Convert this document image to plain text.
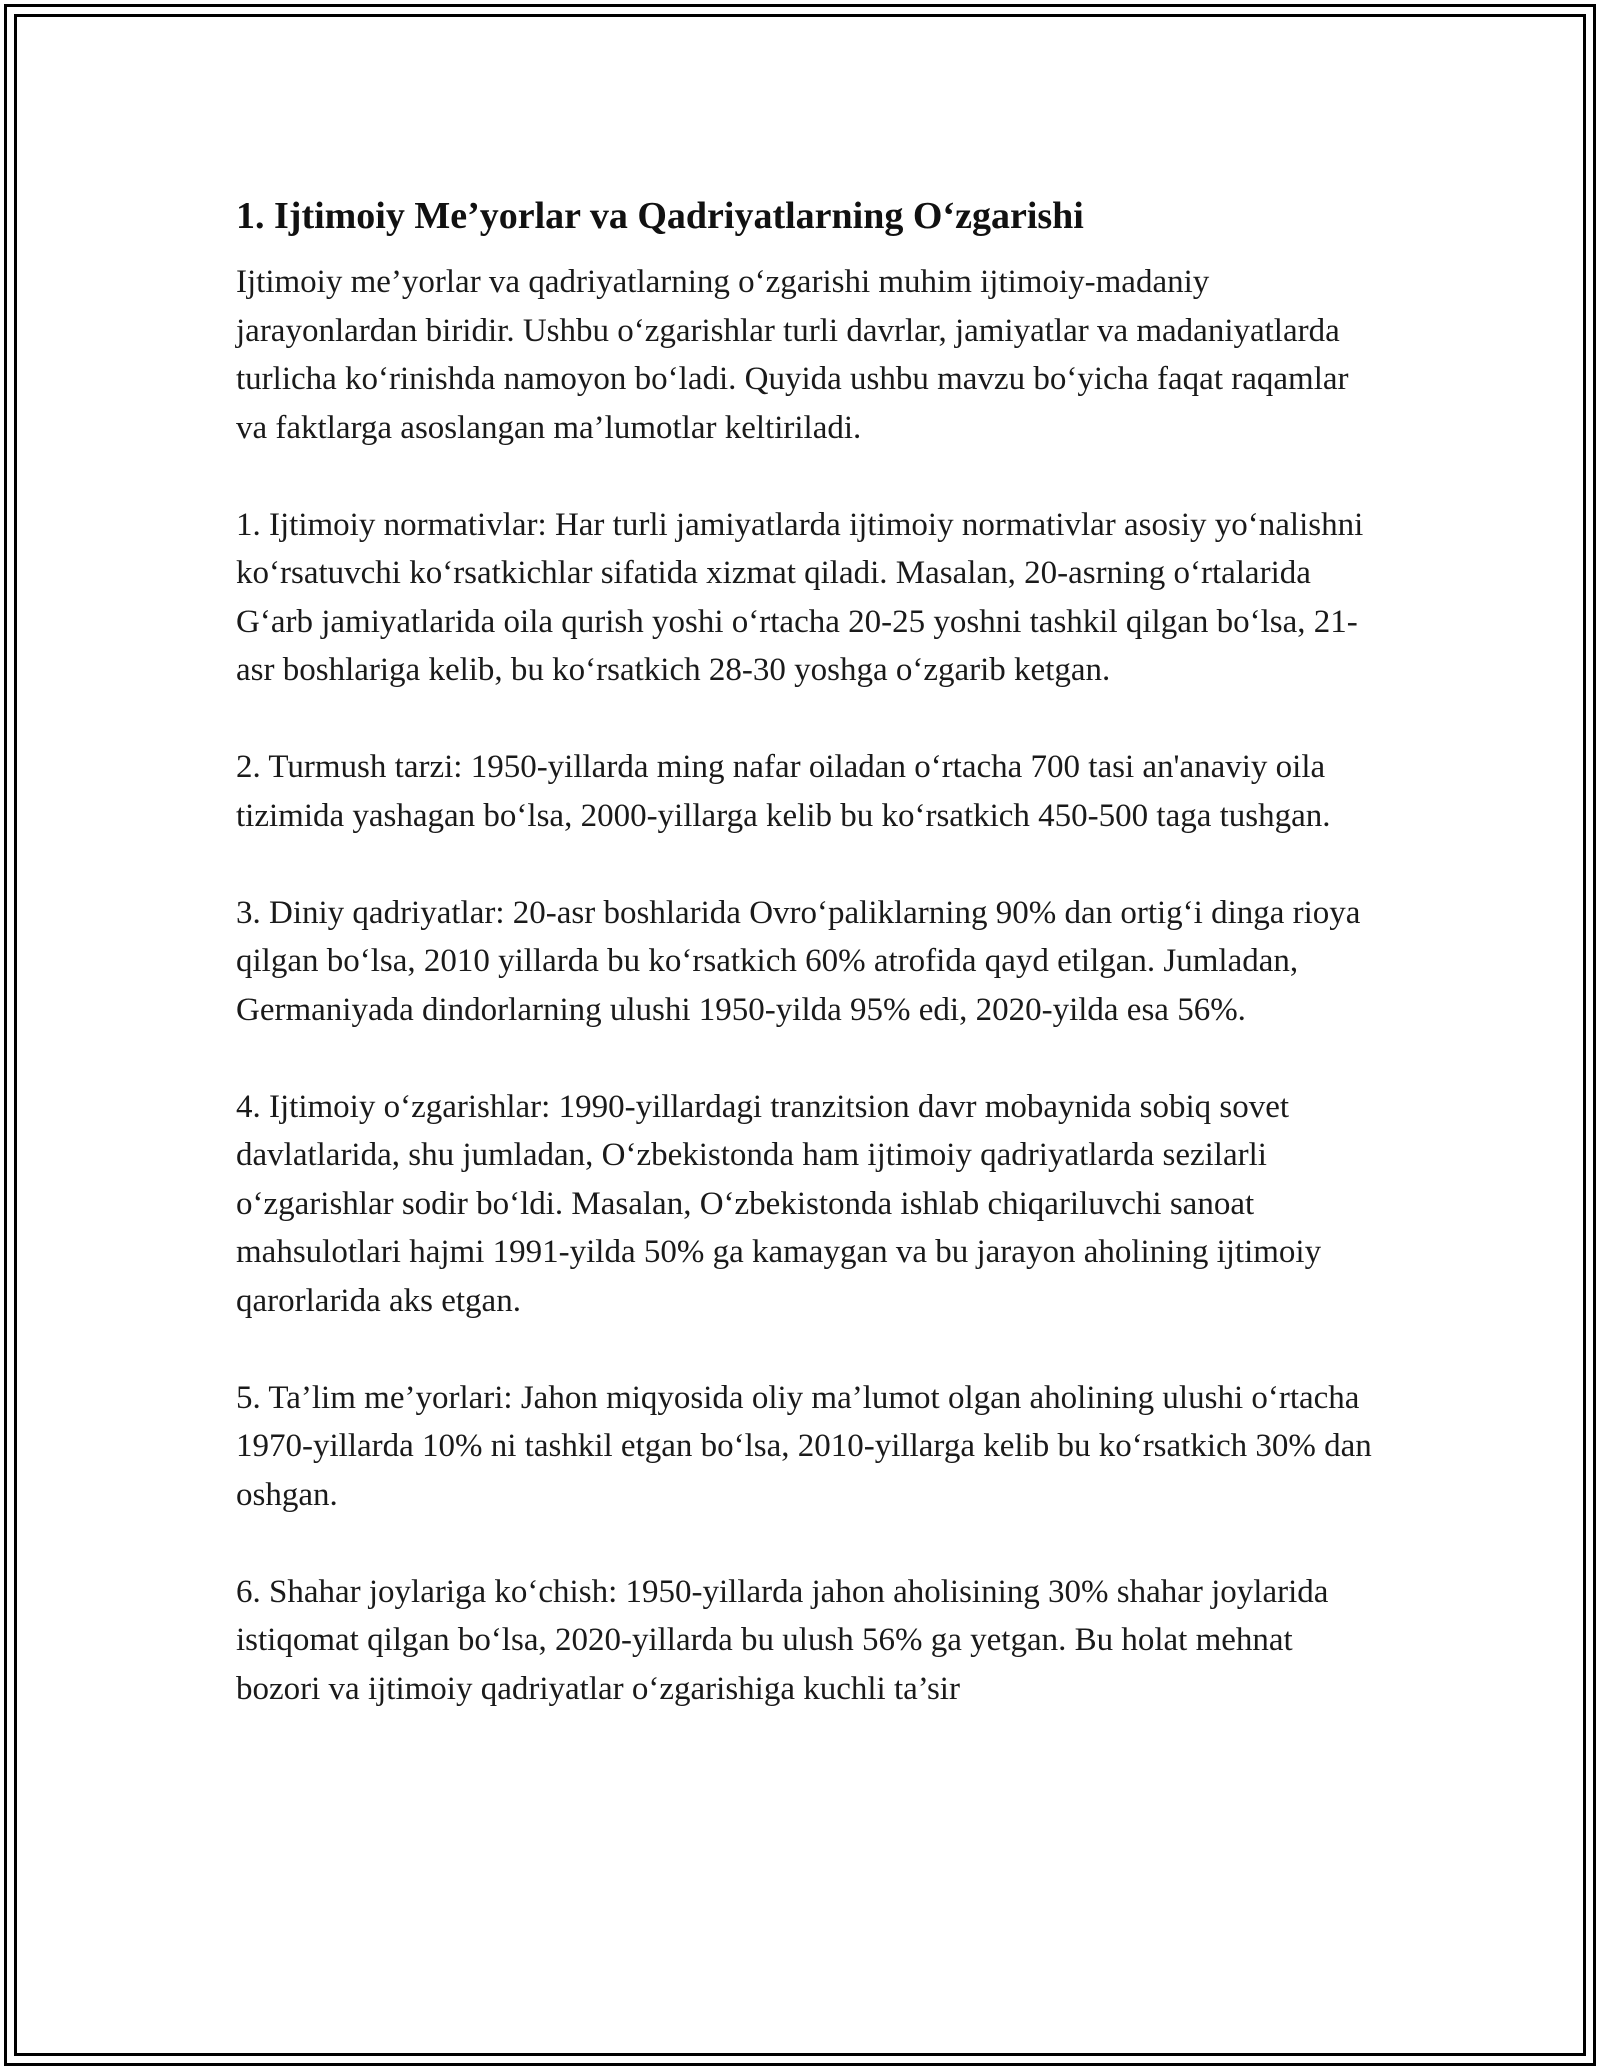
1. Ijtimoiy Me’yorlar va Qadriyatlarning O‘zgarishi

Ijtimoiy me’yorlar va qadriyatlarning o‘zgarishi muhim ijtimoiy-madaniy jarayonlardan biridir. Ushbu o‘zgarishlar turli davrlar, jamiyatlar va madaniyatlarda turlicha ko‘rinishda namoyon bo‘ladi. Quyida ushbu mavzu bo‘yicha faqat raqamlar va faktlarga asoslangan ma’lumotlar keltiriladi.

1. Ijtimoiy normativlar: Har turli jamiyatlarda ijtimoiy normativlar asosiy yo‘nalishni ko‘rsatuvchi ko‘rsatkichlar sifatida xizmat qiladi. Masalan, 20-asrning o‘rtalarida G‘arb jamiyatlarida oila qurish yoshi o‘rtacha 20-25 yoshni tashkil qilgan bo‘lsa, 21-asr boshlariga kelib, bu ko‘rsatkich 28-30 yoshga o‘zgarib ketgan.

2. Turmush tarzi: 1950-yillarda ming nafar oiladan o‘rtacha 700 tasi an'anaviy oila tizimida yashagan bo‘lsa, 2000-yillarga kelib bu ko‘rsatkich 450-500 taga tushgan.

3. Diniy qadriyatlar: 20-asr boshlarida Ovro‘paliklarning 90% dan ortig‘i dinga rioya qilgan bo‘lsa, 2010 yillarda bu ko‘rsatkich 60% atrofida qayd etilgan. Jumladan, Germaniyada dindorlarning ulushi 1950-yilda 95% edi, 2020-yilda esa 56%.

4. Ijtimoiy o‘zgarishlar: 1990-yillardagi tranzitsion davr mobaynida sobiq sovet davlatlarida, shu jumladan, O‘zbekistonda ham ijtimoiy qadriyatlarda sezilarli o‘zgarishlar sodir bo‘ldi. Masalan, O‘zbekistonda ishlab chiqariluvchi sanoat mahsulotlari hajmi 1991-yilda 50% ga kamaygan va bu jarayon aholining ijtimoiy qarorlarida aks etgan.

5. Ta’lim me’yorlari: Jahon miqyosida oliy ma’lumot olgan aholining ulushi o‘rtacha 1970-yillarda 10% ni tashkil etgan bo‘lsa, 2010-yillarga kelib bu ko‘rsatkich 30% dan oshgan.

6. Shahar joylariga ko‘chish: 1950-yillarda jahon aholisining 30% shahar joylarida istiqomat qilgan bo‘lsa, 2020-yillarda bu ulush 56% ga yetgan. Bu holat mehnat bozori va ijtimoiy qadriyatlar o‘zgarishiga kuchli ta’sir
